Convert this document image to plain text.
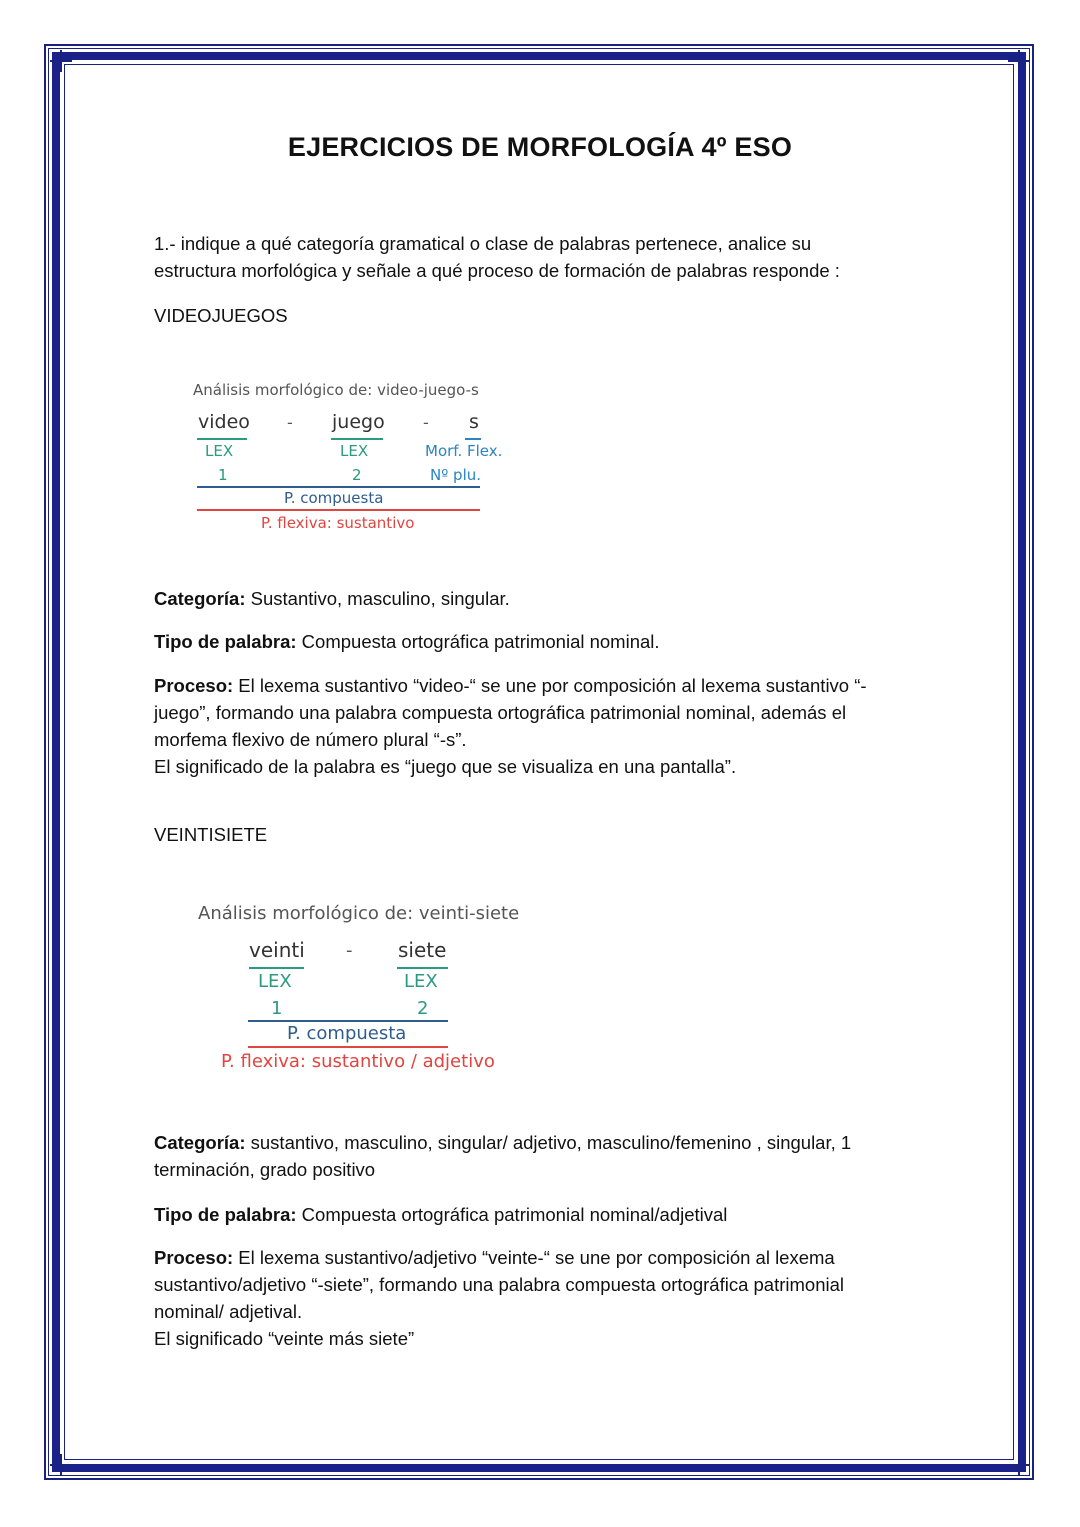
EJERCICIOS DE MORFOLOGÍA 4º ESO
1.- indique a qué categoría gramatical o clase de palabras pertenece, analice su
estructura morfológica y señale a qué proceso de formación de palabras responde :
VIDEOJUEGOS
Análisis morfológico de: video-juego-s
video - juego - s
LEX	LEX	Morf. Flex.
1	2	Nº plu.
P. compuesta
P. flexiva: sustantivo
Categoría: Sustantivo, masculino, singular.
Tipo de palabra: Compuesta ortográfica patrimonial nominal.
Proceso: El lexema sustantivo “video-“ se une por composición al lexema sustantivo “-
juego”, formando una palabra compuesta ortográfica patrimonial nominal, además el
morfema flexivo de número plural “-s”.
El significado de la palabra es “juego que se visualiza en una pantalla”.
VEINTISIETE
Análisis morfológico de: veinti-siete
veinti - siete
LEX	LEX
1	2
P. compuesta
P. flexiva: sustantivo / adjetivo
Categoría: sustantivo, masculino, singular/ adjetivo, masculino/femenino , singular, 1
terminación, grado positivo
Tipo de palabra: Compuesta ortográfica patrimonial nominal/adjetival
Proceso: El lexema sustantivo/adjetivo “veinte-“ se une por composición al lexema
sustantivo/adjetivo “-siete”, formando una palabra compuesta ortográfica patrimonial
nominal/ adjetival.
El significado “veinte más siete”
